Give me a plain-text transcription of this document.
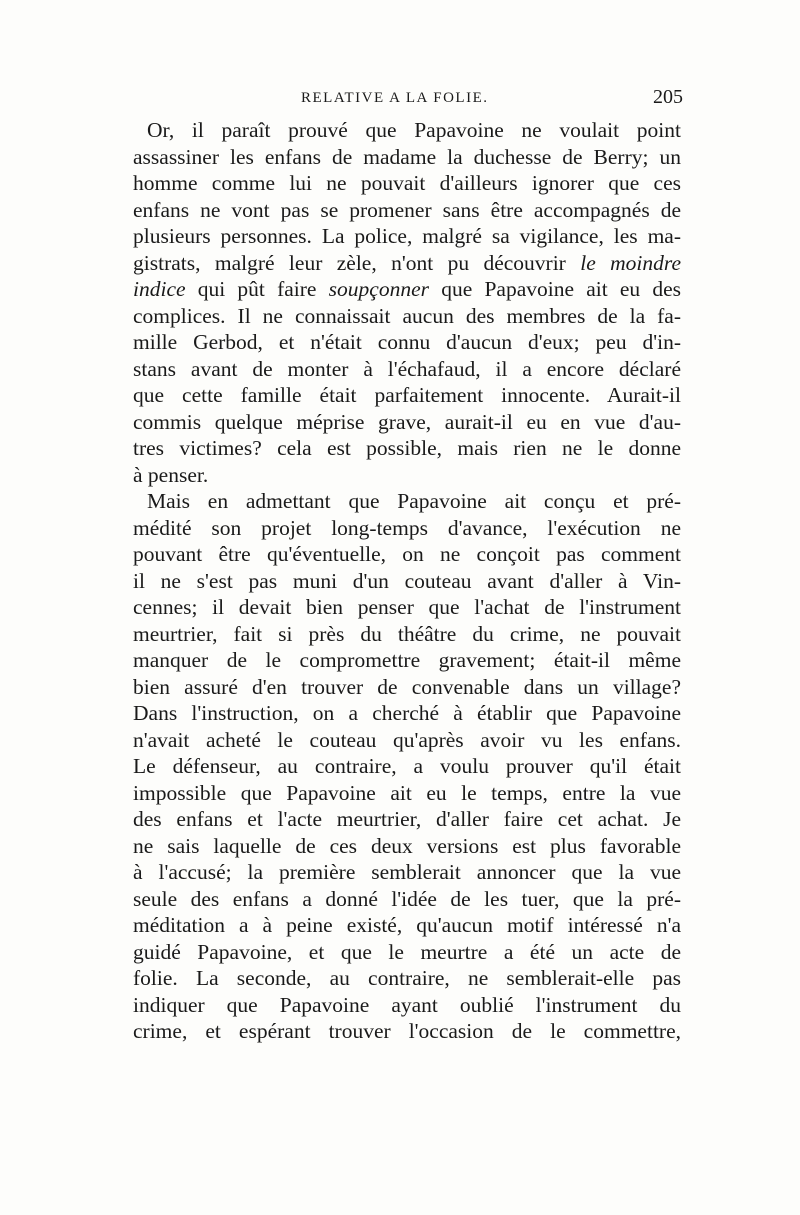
RELATIVE A LA FOLIE.	205
Or, il paraît prouvé que Papavoine ne voulait point
assassiner les enfans de madame la duchesse de Berry; un
homme comme lui ne pouvait d'ailleurs ignorer que ces
enfans ne vont pas se promener sans être accompagnés de
plusieurs personnes. La police, malgré sa vigilance, les ma-
gistrats, malgré leur zèle, n'ont pu découvrir le moindre
indice qui pût faire soupçonner que Papavoine ait eu des
complices. Il ne connaissait aucun des membres de la fa-
mille Gerbod, et n'était connu d'aucun d'eux; peu d'in-
stans avant de monter à l'échafaud, il a encore déclaré
que cette famille était parfaitement innocente. Aurait-il
commis quelque méprise grave, aurait-il eu en vue d'au-
tres victimes? cela est possible, mais rien ne le donne
à penser.
Mais en admettant que Papavoine ait conçu et pré-
médité son projet long-temps d'avance, l'exécution ne
pouvant être qu'éventuelle, on ne conçoit pas comment
il ne s'est pas muni d'un couteau avant d'aller à Vin-
cennes; il devait bien penser que l'achat de l'instrument
meurtrier, fait si près du théâtre du crime, ne pouvait
manquer de le compromettre gravement; était-il même
bien assuré d'en trouver de convenable dans un village?
Dans l'instruction, on a cherché à établir que Papavoine
n'avait acheté le couteau qu'après avoir vu les enfans.
Le défenseur, au contraire, a voulu prouver qu'il était
impossible que Papavoine ait eu le temps, entre la vue
des enfans et l'acte meurtrier, d'aller faire cet achat. Je
ne sais laquelle de ces deux versions est plus favorable
à l'accusé; la première semblerait annoncer que la vue
seule des enfans a donné l'idée de les tuer, que la pré-
méditation a à peine existé, qu'aucun motif intéressé n'a
guidé Papavoine, et que le meurtre a été un acte de
folie. La seconde, au contraire, ne semblerait-elle pas
indiquer que Papavoine ayant oublié l'instrument du
crime, et espérant trouver l'occasion de le commettre,
